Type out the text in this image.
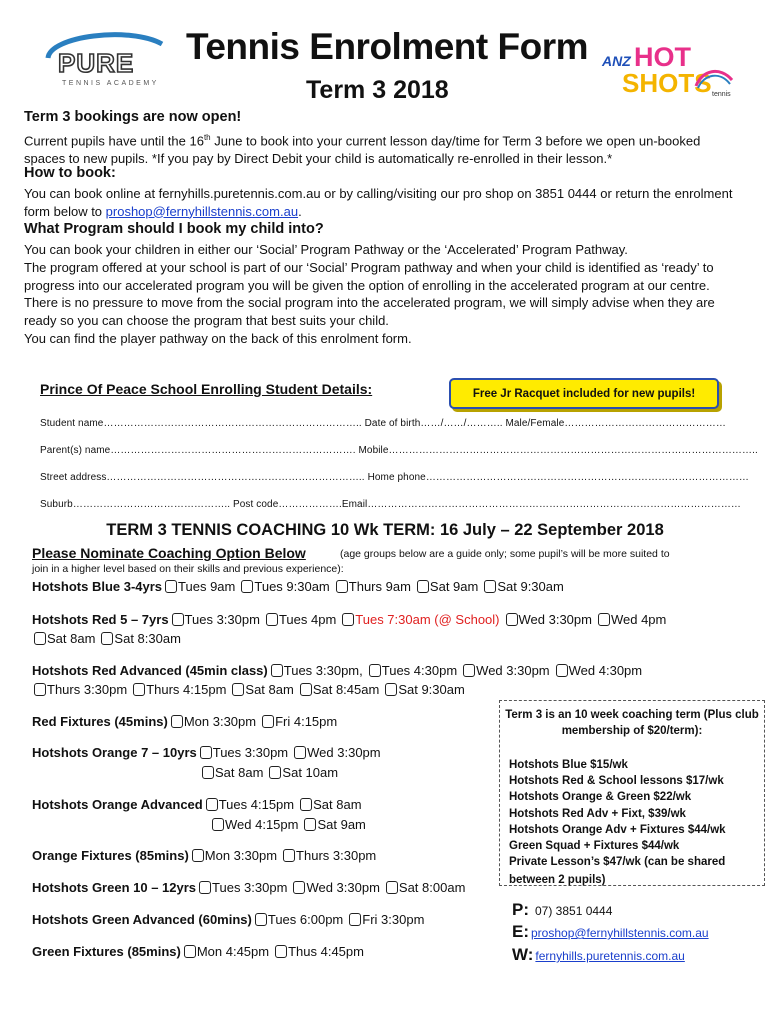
PURE
TENNIS ACADEMY
Tennis Enrolment Form
Term 3 2018
ANZ HOT
SHOTS tennis
Term 3 bookings are now open!
Current pupils have until the 16th June to book into your current lesson day/time for Term 3 before we open un-booked spaces to new pupils. *If you pay by Direct Debit your child is automatically re-enrolled in their lesson.*
How to book:
You can book online at fernyhills.puretennis.com.au or by calling/visiting our pro shop on 3851 0444 or return the enrolment form below to proshop@fernyhillstennis.com.au.
What Program should I book my child into?
You can book your children in either our ‘Social’ Program Pathway or the ‘Accelerated’ Program Pathway.
The program offered at your school is part of our ‘Social’ Program pathway and when your child is identified as ‘ready’ to progress into our accelerated program you will be given the option of enrolling in the accelerated program at our centre. There is no pressure to move from the social program into the accelerated program, we will simply advise when they are ready so you can choose the program that best suits your child.
You can find the player pathway on the back of this enrolment form.
Prince Of Peace School Enrolling Student Details:	Free Jr Racquet included for new pupils!
Student name………………………………………………………………….. Date of birth……/……/……….. Male/Female…………………………………………
Parent(s) name………………………………………………………………. Mobile………………………………………………………………………………………………..
Street address………………………………………………………………….. Home phone……………………………………………………………………………………
Suburb……………………………………….. Post code……………….Email…………………………………………………………………………………………………
TERM 3 TENNIS COACHING 10 Wk TERM: 16 July – 22 September 2018
Please Nominate Coaching Option Below	(age groups below are a guide only; some pupil’s will be more suited to
join in a higher level based on their skills and previous experience):
Hotshots Blue 3-4yrs Tues 9am Tues 9:30am Thurs 9am Sat 9am Sat 9:30am
Hotshots Red 5 – 7yrs Tues 3:30pm Tues 4pm Tues 7:30am (@ School) Wed 3:30pm Wed 4pm
Sat 8am Sat 8:30am
Hotshots Red Advanced (45min class) Tues 3:30pm, Tues 4:30pm Wed 3:30pm Wed 4:30pm
Thurs 3:30pm Thurs 4:15pm Sat 8am Sat 8:45am Sat 9:30am
Red Fixtures (45mins) Mon 3:30pm Fri 4:15pm
Hotshots Orange 7 – 10yrs Tues 3:30pm Wed 3:30pm
Sat 8am Sat 10am
Hotshots Orange Advanced Tues 4:15pm Sat 8am
Wed 4:15pm Sat 9am
Orange Fixtures (85mins) Mon 3:30pm Thurs 3:30pm
Hotshots Green 10 – 12yrs Tues 3:30pm Wed 3:30pm Sat 8:00am
Hotshots Green Advanced (60mins) Tues 6:00pm Fri 3:30pm
Green Fixtures (85mins) Mon 4:45pm Thus 4:45pm
Term 3 is an 10 week coaching term (Plus club membership of $20/term):
Hotshots Blue $15/wk
Hotshots Red & School lessons $17/wk
Hotshots Orange & Green $22/wk
Hotshots Red Adv + Fixt, $39/wk
Hotshots Orange Adv + Fixtures $44/wk
Green Squad + Fixtures $44/wk
Private Lesson’s $47/wk (can be shared
between 2 pupils)
P: 07) 3851 0444
E: proshop@fernyhillstennis.com.au
W: fernyhills.puretennis.com.au
